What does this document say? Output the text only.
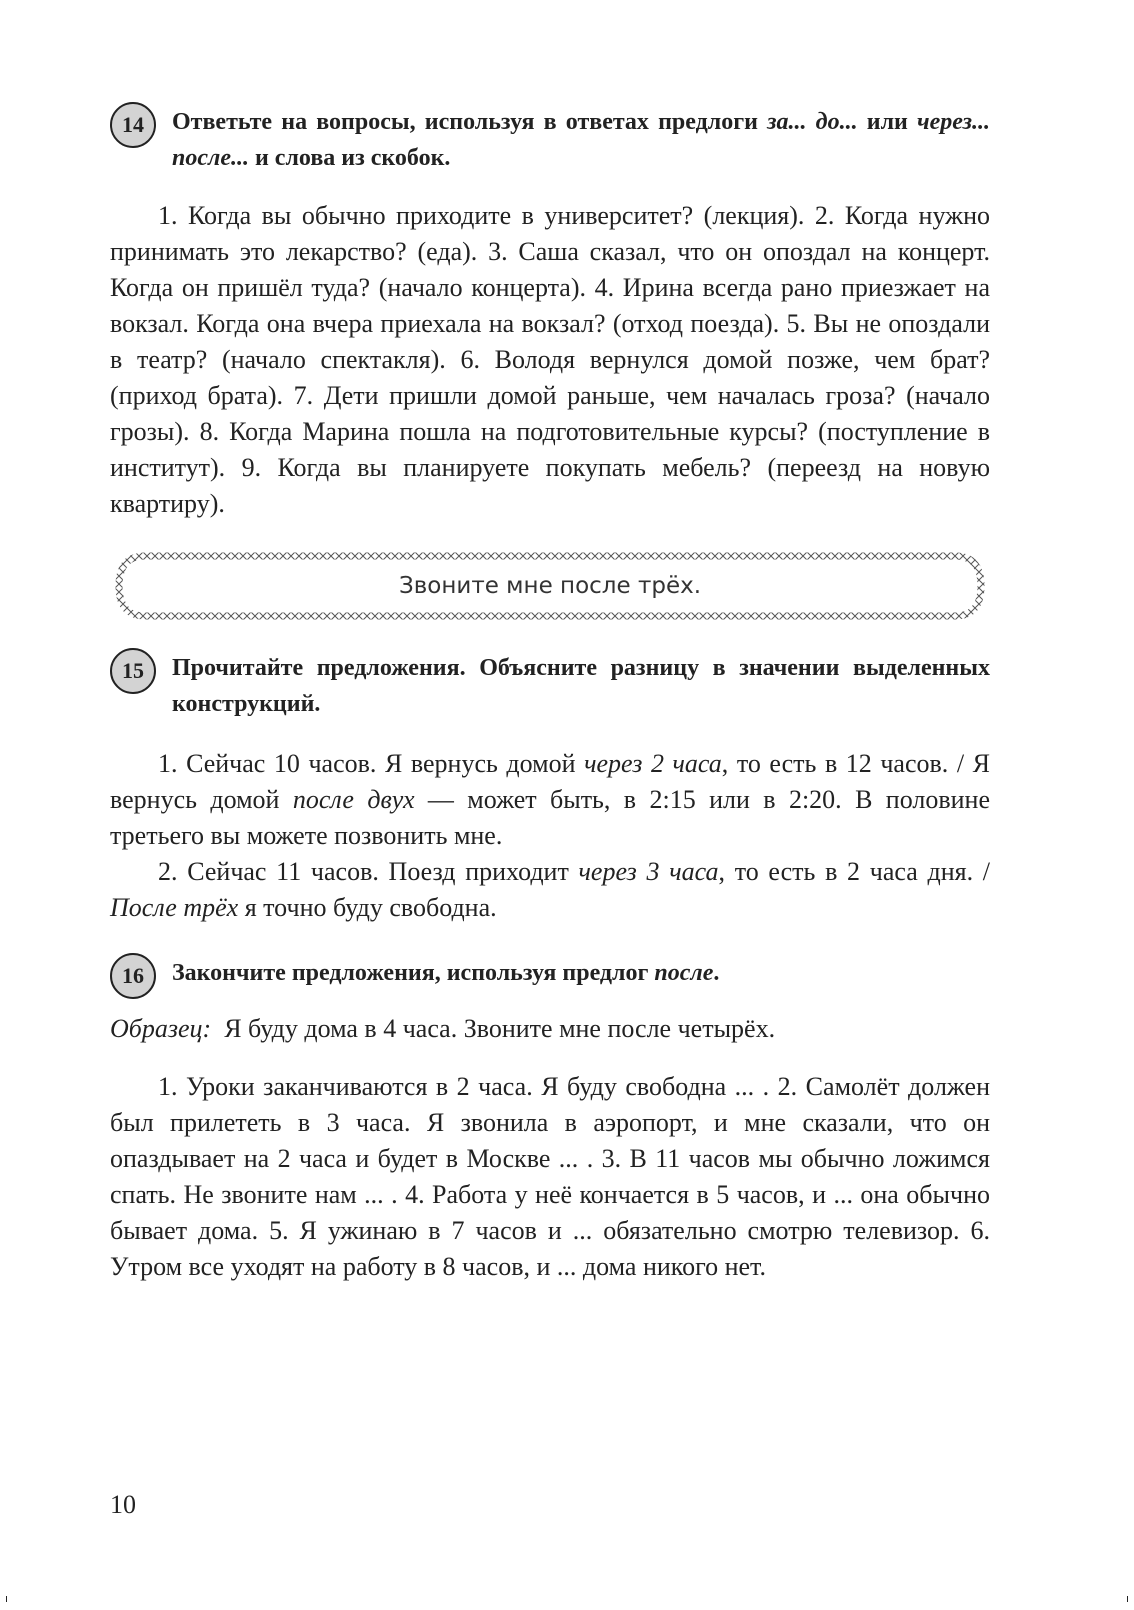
14	Ответьте на вопросы, используя в ответах предлоги за... до... или через... после... и слова из скобок.

1. Когда вы обычно приходите в университет? (лекция). 2. Когда нужно принимать это лекарство? (еда). 3. Саша сказал, что он опоздал на концерт. Когда он пришёл туда? (начало концерта). 4. Ирина всегда рано приезжает на вокзал. Когда она вчера приехала на вокзал? (отход поезда). 5. Вы не опоздали в театр? (начало спектакля). 6. Володя вернулся домой позже, чем брат? (приход брата). 7. Дети пришли домой раньше, чем началась гроза? (начало грозы). 8. Когда Марина пошла на подготовительные курсы? (поступление в институт). 9. Когда вы планируете покупать мебель? (переезд на новую квартиру).

Звоните мне после трёх.
15	Прочитайте предложения. Объясните разницу в значении выделенных конструкций.

1. Сейчас 10 часов. Я вернусь домой через 2 часа, то есть в 12 часов. / Я вернусь домой после двух — может быть, в 2:15 или в 2:20. В половине третьего вы можете позвонить мне.

2. Сейчас 11 часов. Поезд приходит через 3 часа, то есть в 2 часа дня. / После трёх я точно буду свободна.

16	Закончите предложения, используя предлог после.

Образец: Я буду дома в 4 часа. Звоните мне после четырёх.

1. Уроки заканчиваются в 2 часа. Я буду свободна ... . 2. Самолёт должен был прилететь в 3 часа. Я звонила в аэропорт, и мне сказали, что он опаздывает на 2 часа и будет в Москве ... . 3. В 11 часов мы обычно ложимся спать. Не звоните нам ... . 4. Работа у неё кончается в 5 часов, и ... она обычно бывает дома. 5. Я ужинаю в 7 часов и ... обязательно смотрю телевизор. 6. Утром все уходят на работу в 8 часов, и ... дома никого нет.

10
